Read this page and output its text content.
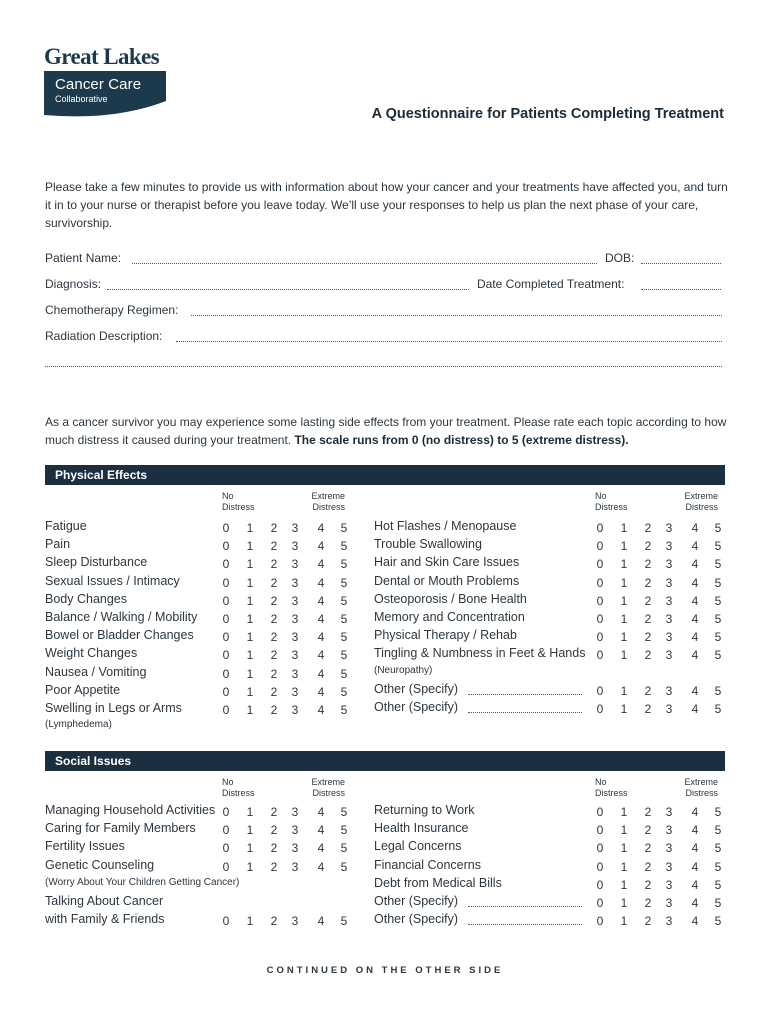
Great Lakes
Cancer Care
Collaborative
A Questionnaire for Patients Completing Treatment
Please take a few minutes to provide us with information about how your cancer and your treatments have affected you, and turn it in to your nurse or therapist before you leave today. We’ll use your responses to help us plan the next phase of your care, survivorship.
Patient Name:	DOB:
Diagnosis:	Date Completed Treatment:
Chemotherapy Regimen:
Radiation Description:
As a cancer survivor you may experience some lasting side effects from your treatment. Please rate each topic according to how much distress it caused during your treatment. The scale runs from 0 (no distress) to 5 (extreme distress).
Physical Effects
No
Distress
Extreme
Distress
No
Distress
Extreme
Distress
Fatigue	0 1 2 3 4 5
Pain	0 1 2 3 4 5
Sleep Disturbance	0 1 2 3 4 5
Sexual Issues / Intimacy	0 1 2 3 4 5
Body Changes	0 1 2 3 4 5
Balance / Walking / Mobility 0 1 2 3 4 5
Bowel or Bladder Changes 0 1 2 3 4 5
Weight Changes	0 1 2 3 4 5
Nausea / Vomiting	0 1 2 3 4 5
Poor Appetite	0 1 2 3 4 5
Swelling in Legs or Arms	0 1 2 3 4 5
(Lymphedema)
Hot Flashes / Menopause	0 1 2 3 4 5
Trouble Swallowing	0 1 2 3 4 5
Hair and Skin Care Issues	0 1 2 3 4 5
Dental or Mouth Problems	0 1 2 3 4 5
Osteoporosis / Bone Health	0 1 2 3 4 5
Memory and Concentration	0 1 2 3 4 5
Physical Therapy / Rehab	0 1 2 3 4 5
Tingling & Numbness in Feet & Hands 0 1 2 3 4 5
(Neuropathy)
Other (Specify)	0 1 2 3 4 5
Other (Specify)	0 1 2 3 4 5
Social Issues
No
Distress
Extreme
Distress
No
Distress
Extreme
Distress
Managing Household Activities 0 1 2 3 4 5
Caring for Family Members 0 1 2 3 4 5
Fertility Issues	0 1 2 3 4 5
Genetic Counseling	0 1 2 3 4 5
(Worry About Your Children Getting Cancer)
Talking About Cancer
with Family & Friends	0 1 2 3 4 5
Returning to Work	0 1 2 3 4 5
Health Insurance	0 1 2 3 4 5
Legal Concerns	0 1 2 3 4 5
Financial Concerns	0 1 2 3 4 5
Debt from Medical Bills	0 1 2 3 4 5
Other (Specify)	0 1 2 3 4 5
Other (Specify)	0 1 2 3 4 5
CONTINUED ON THE OTHER SIDE
